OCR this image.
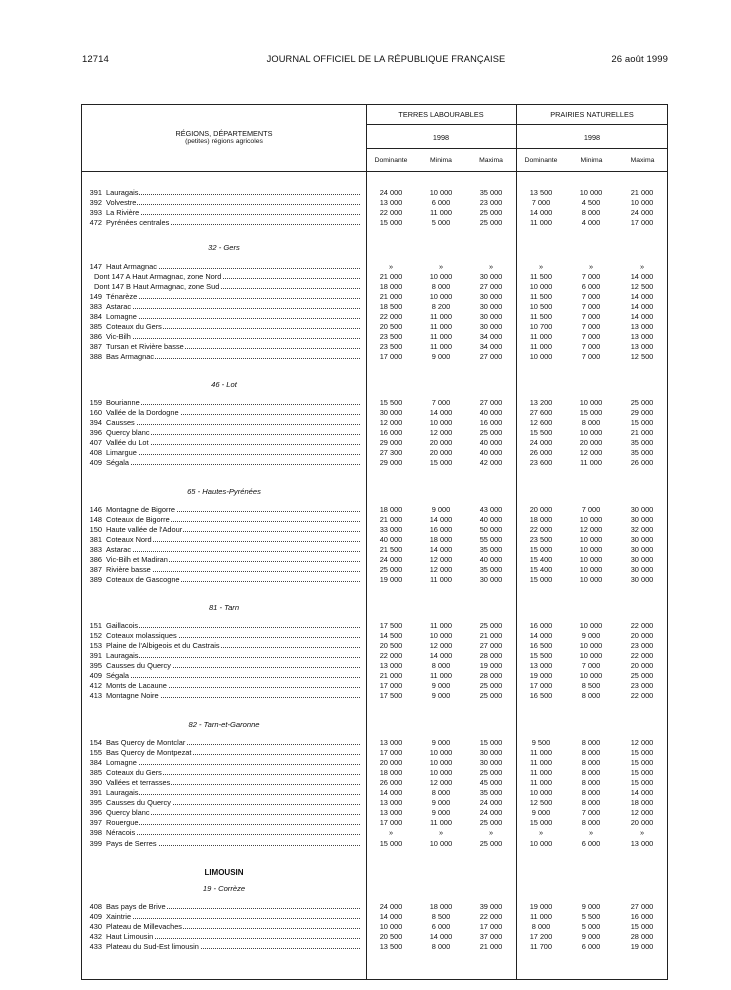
12714	JOURNAL OFFICIEL DE LA RÉPUBLIQUE FRANÇAISE	26 août 1999
RÉGIONS, DÉPARTEMENTS
(petites) régions agricoles
TERRES LABOURABLES	PRAIRIES NATURELLES
1998	1998
Dominante	Minima	Maxima	Dominante	Minima	Maxima
32 - Gers
46 - Lot
65 - Hautes-Pyrénées
81 - Tarn
82 - Tarn-et-Garonne
LIMOUSIN
19 - Corrèze
391 Lauragais	24 000	10 000	35 000	13 500	10 000	21 000
392 Volvestre	13 000	6 000	23 000	7 000	4 500	10 000
393 La Rivière	22 000	11 000	25 000	14 000	8 000	24 000
472 Pyrénées centrales	15 000	5 000	25 000	11 000	4 000	17 000
147 Haut Armagnac	»	»	»	»	»	»
Dont 147 A Haut Armagnac, zone Nord	21 000	10 000	30 000	11 500	7 000	14 000
Dont 147 B Haut Armagnac, zone Sud	18 000	8 000	27 000	10 000	6 000	12 500
149 Ténarèze	21 000	10 000	30 000	11 500	7 000	14 000
383 Astarac	18 500	8 200	30 000	10 500	7 000	14 000
384 Lomagne	22 000	11 000	30 000	11 500	7 000	14 000
385 Coteaux du Gers	20 500	11 000	30 000	10 700	7 000	13 000
386 Vic-Bilh	23 500	11 000	34 000	11 000	7 000	13 000
387 Tursan et Rivière basse	23 500	11 000	34 000	11 000	7 000	13 000
388 Bas Armagnac	17 000	9 000	27 000	10 000	7 000	12 500
159 Bourianne	15 500	7 000	27 000	13 200	10 000	25 000
160 Vallée de la Dordogne	30 000	14 000	40 000	27 600	15 000	29 000
394 Causses	12 000	10 000	16 000	12 600	8 000	15 000
396 Quercy blanc	16 000	12 000	25 000	15 500	10 000	21 000
407 Vallée du Lot	29 000	20 000	40 000	24 000	20 000	35 000
408 Limargue	27 300	20 000	40 000	26 000	12 000	35 000
409 Ségala	29 000	15 000	42 000	23 600	11 000	26 000
146 Montagne de Bigorre	18 000	9 000	43 000	20 000	7 000	30 000
148 Coteaux de Bigorre	21 000	14 000	40 000	18 000	10 000	30 000
150 Haute vallée de l'Adour	33 000	16 000	50 000	22 000	12 000	32 000
381 Coteaux Nord	40 000	18 000	55 000	23 500	10 000	30 000
383 Astarac	21 500	14 000	35 000	15 000	10 000	30 000
386 Vic-Bilh et Madiran	24 000	12 000	40 000	15 400	10 000	30 000
387 Rivière basse	25 000	12 000	35 000	15 400	10 000	30 000
389 Coteaux de Gascogne	19 000	11 000	30 000	15 000	10 000	30 000
151 Gaillacois	17 500	11 000	25 000	16 000	10 000	22 000
152 Coteaux molassiques	14 500	10 000	21 000	14 000	9 000	20 000
153 Plaine de l'Albigeois et du Castrais	20 500	12 000	27 000	16 500	10 000	23 000
391 Lauragais	22 000	14 000	28 000	15 500	10 000	22 000
395 Causses du Quercy	13 000	8 000	19 000	13 000	7 000	20 000
409 Ségala	21 000	11 000	28 000	19 000	10 000	25 000
412 Monts de Lacaune	17 000	9 000	25 000	17 000	8 500	23 000
413 Montagne Noire	17 500	9 000	25 000	16 500	8 000	22 000
154 Bas Quercy de Montclar	13 000	9 000	15 000	9 500	8 000	12 000
155 Bas Quercy de Montpezat	17 000	10 000	30 000	11 000	8 000	15 000
384 Lomagne	20 000	10 000	30 000	11 000	8 000	15 000
385 Coteaux du Gers	18 000	10 000	25 000	11 000	8 000	15 000
390 Vallées et terrasses	26 000	12 000	45 000	11 000	8 000	15 000
391 Lauragais	14 000	8 000	35 000	10 000	8 000	14 000
395 Causses du Quercy	13 000	9 000	24 000	12 500	8 000	18 000
396 Quercy blanc	13 000	9 000	24 000	9 000	7 000	12 000
397 Rouergue	17 000	11 000	25 000	15 000	8 000	20 000
398 Néracois	»	»	»	»	»	»
399 Pays de Serres	15 000	10 000	25 000	10 000	6 000	13 000
408 Bas pays de Brive	24 000	18 000	39 000	19 000	9 000	27 000
409 Xaintrie	14 000	8 500	22 000	11 000	5 500	16 000
430 Plateau de Millevaches	10 000	6 000	17 000	8 000	5 000	15 000
432 Haut Limousin	20 500	14 000	37 000	17 200	9 000	28 000
433 Plateau du Sud-Est limousin	13 500	8 000	21 000	11 700	6 000	19 000
